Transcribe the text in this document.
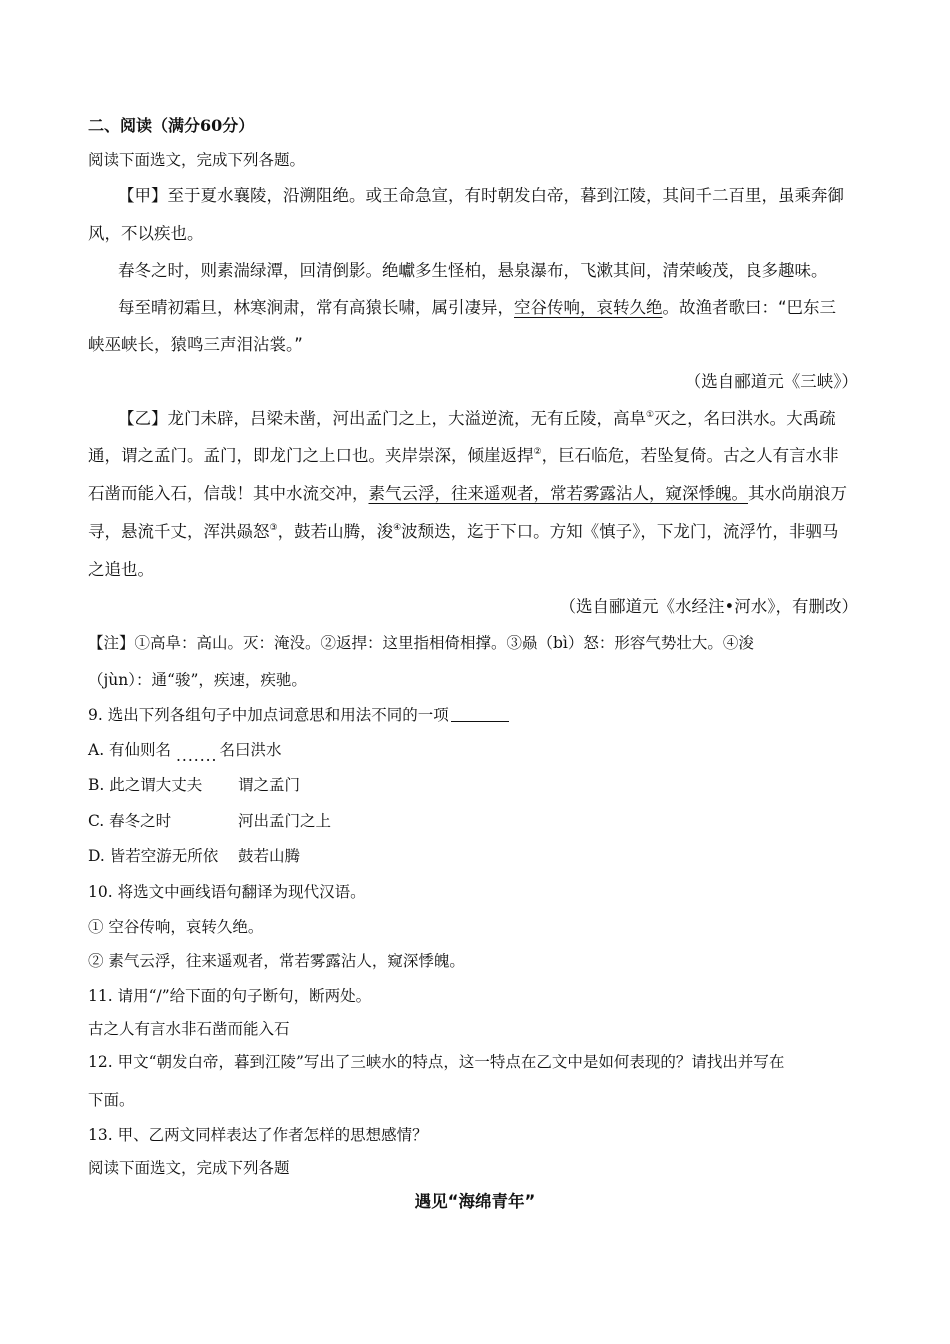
二、阅读（满分60分）
阅读下面选文，完成下列各题。
【甲】至于夏水襄陵，沿溯阻绝。或王命急宣，有时朝发白帝，暮到江陵，其间千二百里，虽乘奔御
风，不以疾也。
春冬之时，则素湍绿潭，回清倒影。绝巘多生怪柏，悬泉瀑布，飞漱其间，清荣峻茂，良多趣味。
每至晴初霜旦，林寒涧肃，常有高猿长啸，属引凄异，空谷传响，哀转久绝。故渔者歌曰：“巴东三
峡巫峡长，猿鸣三声泪沾裳。”
（选自郦道元《三峡》）
【乙】龙门未辟，吕梁未凿，河出孟门之上，大溢逆流，无有丘陵，高阜①灭之，名曰洪水。大禹疏
通，谓之孟门。孟门，即龙门之上口也。夹岸崇深，倾崖返捍②，巨石临危，若坠复倚。古之人有言水非
石凿而能入石，信哉！其中水流交冲，素气云浮，往来遥观者，常若雾露沾人，窥深悸魄。其水尚崩浪万
寻，悬流千丈，浑洪赑怒③，鼓若山腾，浚④波颓迭，迄于下口。方知《慎子》，下龙门，流浮竹，非驷马
之追也。
（选自郦道元《水经注•河水》，有删改）
【注】①高阜：高山。灭：淹没。②返捍：这里指相倚相撑。③赑（bì）怒：形容气势壮大。④浚
（jùn）：通“骏”，疾速，疾驰。
9. 选出下列各组句子中加点词意思和用法不同的一项
A. 有仙则名 ....... 名曰洪水
B. 此之谓大丈夫 谓之孟门
C. 春冬之时	河出孟门之上
D. 皆若空游无所依 鼓若山腾
10. 将选文中画线语句翻译为现代汉语。
① 空谷传响，哀转久绝。
② 素气云浮，往来遥观者，常若雾露沾人，窥深悸魄。
11. 请用“/”给下面的句子断句，断两处。
古之人有言水非石凿而能入石
12. 甲文“朝发白帝，暮到江陵”写出了三峡水的特点，这一特点在乙文中是如何表现的？请找出并写在
下面。
13. 甲、乙两文同样表达了作者怎样的思想感情？
阅读下面选文，完成下列各题
遇见“海绵青年”
